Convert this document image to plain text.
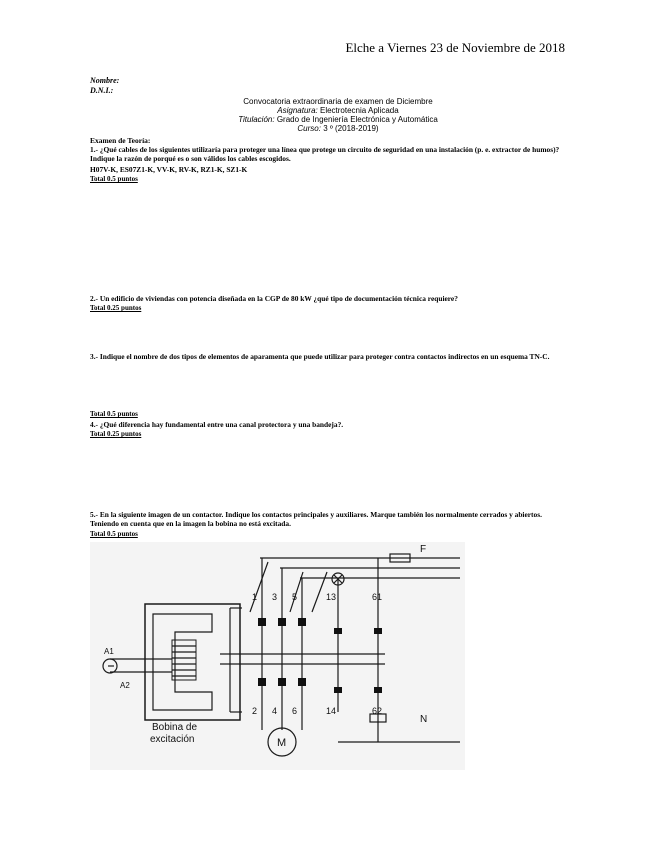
Elche a Viernes 23 de Noviembre de 2018
Nombre:
D.N.I.:
Convocatoria extraordinaria de examen de Diciembre
Asignatura: Electrotecnia Aplicada
Titulación: Grado de Ingeniería Electrónica y Automática
Curso: 3 º (2018-2019)
Examen de Teoría:
1.- ¿Qué cables de los siguientes utilizaría para proteger una línea que protege un circuito de seguridad en una instalación (p. e. extractor de humos)? Indique la razón de porqué es o son válidos los cables escogidos.
H07V-K, ES07Z1-K, VV-K, RV-K, RZ1-K, SZ1-K
Total 0.5 puntos
2.- Un edificio de viviendas con potencia diseñada en la CGP de 80 kW ¿qué tipo de documentación técnica requiere?
Total 0.25 puntos
3.- Indique el nombre de dos tipos de elementos de aparamenta que puede utilizar para proteger contra contactos indirectos en un esquema TN-C.
Total 0.5 puntos
4.- ¿Qué diferencia hay fundamental entre una canal protectora y una bandeja?.
Total 0.25 puntos
5.- En la siguiente imagen de un contactor. Indique los contactos principales y auxiliares. Marque también los normalmente cerrados y abiertos. Teniendo en cuenta que en la imagen la bobina no está excitada.
Total 0.5 puntos
1 3 5	13	61
2 4 6	14	62
A1
A2
F
N
M
Bobina de
excitación
